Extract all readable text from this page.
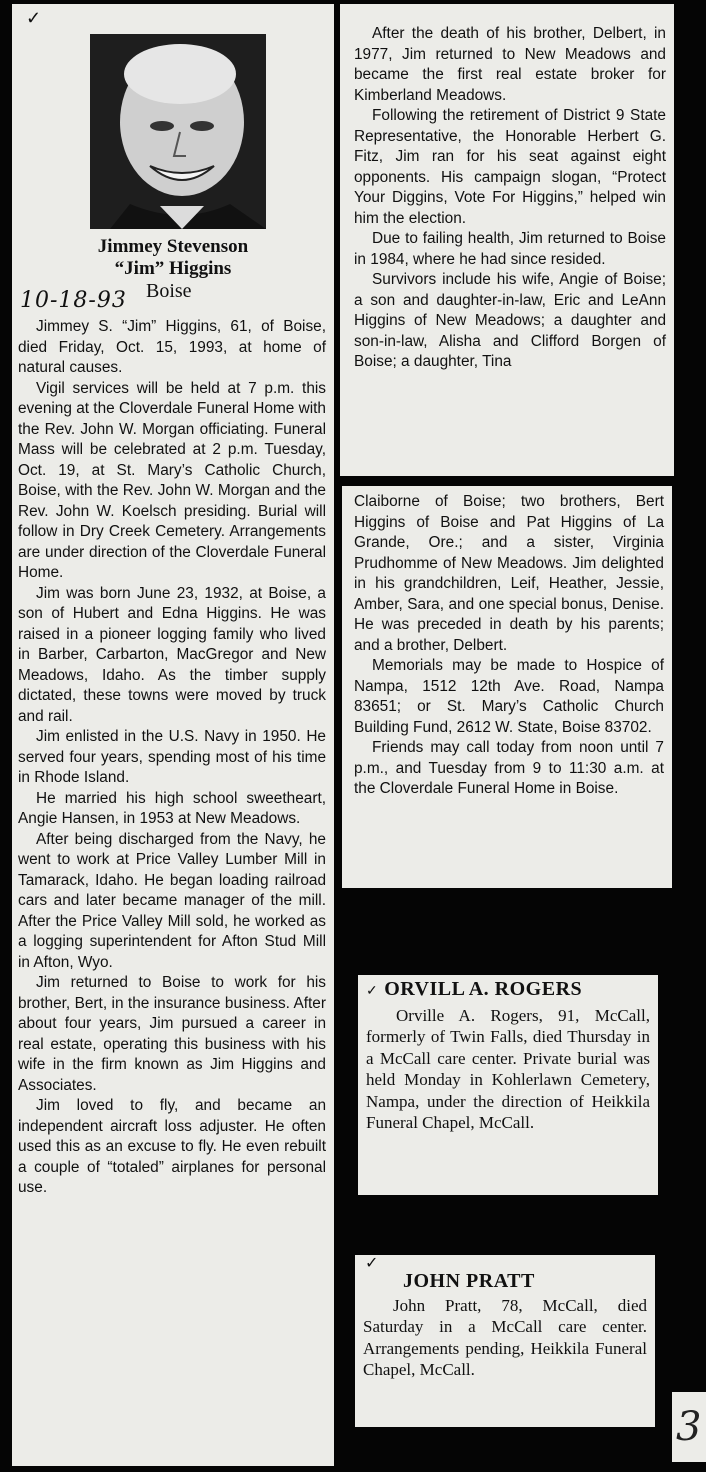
✓
Jimmey Stevenson
“Jim” Higgins
10-18-93 Boise

Jimmey S. “Jim” Higgins, 61, of Boise, died Friday, Oct. 15, 1993, at home of natural causes.

Vigil services will be held at 7 p.m. this evening at the Cloverdale Funeral Home with the Rev. John W. Morgan officiating. Funeral Mass will be celebrated at 2 p.m. Tuesday, Oct. 19, at St. Mary’s Catholic Church, Boise, with the Rev. John W. Morgan and the Rev. John W. Koelsch presiding. Burial will follow in Dry Creek Cemetery. Arrangements are under direction of the Cloverdale Funeral Home.

Jim was born June 23, 1932, at Boise, a son of Hubert and Edna Higgins. He was raised in a pioneer logging family who lived in Barber, Carbarton, MacGregor and New Meadows, Idaho. As the timber supply dictated, these towns were moved by truck and rail.

Jim enlisted in the U.S. Navy in 1950. He served four years, spending most of his time in Rhode Island.

He married his high school sweetheart, Angie Hansen, in 1953 at New Meadows.

After being discharged from the Navy, he went to work at Price Valley Lumber Mill in Tamarack, Idaho. He began loading railroad cars and later became manager of the mill. After the Price Valley Mill sold, he worked as a logging superintendent for Afton Stud Mill in Afton, Wyo.

Jim returned to Boise to work for his brother, Bert, in the insurance business. After about four years, Jim pursued a career in real estate, operating this business with his wife in the firm known as Jim Higgins and Associates.

Jim loved to fly, and became an independent aircraft loss adjuster. He often used this as an excuse to fly. He even rebuilt a couple of “totaled” airplanes for personal use.

After the death of his brother, Delbert, in 1977, Jim returned to New Meadows and became the first real estate broker for Kimberland Meadows.

Following the retirement of District 9 State Representative, the Honorable Herbert G. Fitz, Jim ran for his seat against eight opponents. His campaign slogan, “Protect Your Diggins, Vote For Higgins,” helped win him the election.

Due to failing health, Jim returned to Boise in 1984, where he had since resided.

Survivors include his wife, Angie of Boise; a son and daughter-in-law, Eric and LeAnn Higgins of New Meadows; a daughter and son-in-law, Alisha and Clifford Borgen of Boise; a daughter, Tina

Claiborne of Boise; two brothers, Bert Higgins of Boise and Pat Higgins of La Grande, Ore.; and a sister, Virginia Prudhomme of New Meadows. Jim delighted in his grandchildren, Leif, Heather, Jessie, Amber, Sara, and one special bonus, Denise. He was preceded in death by his parents; and a brother, Delbert.

Memorials may be made to Hospice of Nampa, 1512 12th Ave. Road, Nampa 83651; or St. Mary’s Catholic Church Building Fund, 2612 W. State, Boise 83702.

Friends may call today from noon until 7 p.m., and Tuesday from 9 to 11:30 a.m. at the Cloverdale Funeral Home in Boise.

✓ ORVILL A. ROGERS

Orville A. Rogers, 91, McCall, formerly of Twin Falls, died Thursday in a McCall care center. Private burial was held Monday in Kohlerlawn Cemetery, Nampa, under the direction of Heikkila Funeral Chapel, McCall.

✓
JOHN PRATT

John Pratt, 78, McCall, died Saturday in a McCall care center. Arrangements pending, Heikkila Funeral Chapel, McCall.

3
